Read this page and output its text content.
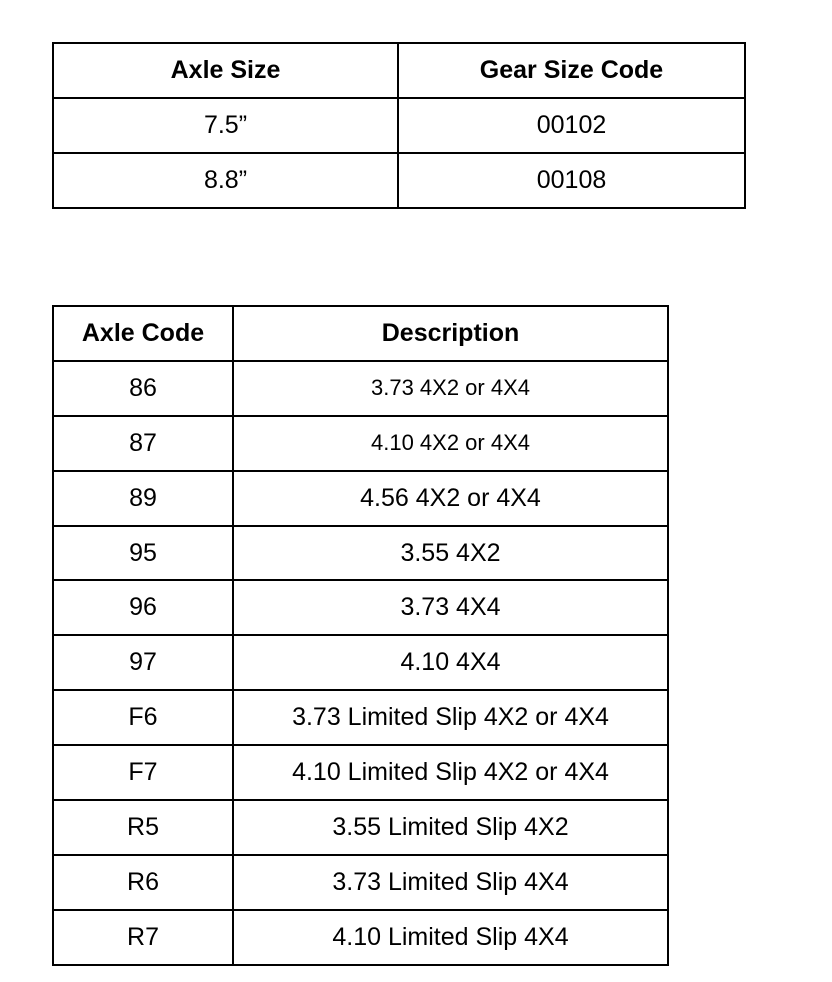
Axle Size	Gear Size Code
7.5”	00102
8.8”	00108
Axle Code	Description
86	3.73 4X2 or 4X4
87	4.10 4X2 or 4X4
89	4.56 4X2 or 4X4
95	3.55 4X2
96	3.73 4X4
97	4.10 4X4
F6	3.73 Limited Slip 4X2 or 4X4
F7	4.10 Limited Slip 4X2 or 4X4
R5	3.55 Limited Slip 4X2
R6	3.73 Limited Slip 4X4
R7	4.10 Limited Slip 4X4
